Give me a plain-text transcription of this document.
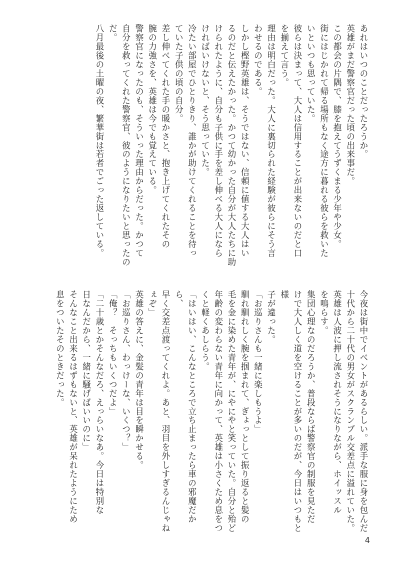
あれはいつのことだったろうか。
英雄がまだ警察官だった頃の出来事だ。
この都会の片隅で、膝を抱えてうずくまる少年や少女。
街にはじかれて帰る場所もなく途方に暮れる彼らを救いた
いといつも思っていた。
彼らは決まって、大人は信用することが出来ないのだと口
を揃えて言う。
理由は明白だった。大人に裏切られた経験が彼らにそう言
わせるのである。
しかし樫野英雄は、そうではない、信頼に値する大人はい
るのだと伝えたかった。かつて幼かった自分が大人たちに助
けられたように、自分も子供に手を差し伸べる大人になら
ければいけないと、そう思っていた。
冷たい部屋でひとりきり、誰かが助けてくれることを待っ
ていた子供の頃の自分。
差し伸べてくれた手の暖かさと、抱き上げてくれたその
腕の力強さを、英雄は今でも覚えている。
警察官になったのも、そういった理由からだった。かつて
自分を救ってくれた警察官、彼のようになりたいと思ったの
だ。
八月最後の土曜の夜、繁華街は若者でごった返している。
今夜は街中でイベントがあるらしい。派手な服に身を包んだ
十代から二十代の男女がスクランブル交差点に溢れていた。
英雄は人波に押し流されそうになりながら、ホイッスル
を鳴らす。
集団心理なのだろうか、普段ならば警察官の制服を見ただ
けで大人しく道を空けることが多いのだが、今日はいつもと様
子が違った。
「お巡りさんも一緒に楽しもうよ」
馴れ馴れしく腕を掴まれて、ぎょっとして振り返ると髪の
毛を金に染めた青年が、にやにやと笑っていた。自分と殆ど
年齢の変わらない青年に向かって、英雄は小さくため息をつ
くと軽くあしらう。
「はいはい、こんなところで立ち止まったら車の邪魔だから、
早く交差点渡ってくれよ。あと、羽目を外しすぎるんじゃね
ぇぞ」
英雄の答えに、金髪の青年は目を瞬かせる。
「お巡りさん、わっけーな、いくつ？」
「俺？　そっちもいくつだよ」
「二十歳とかそんなだろ、えっらいなあ。今日は特別な
日なんだから、一緒に騒げばいいのに」
そんなこと出来るはずもないと、英雄が呆れたようにため
息をついたそのときだった。
4
